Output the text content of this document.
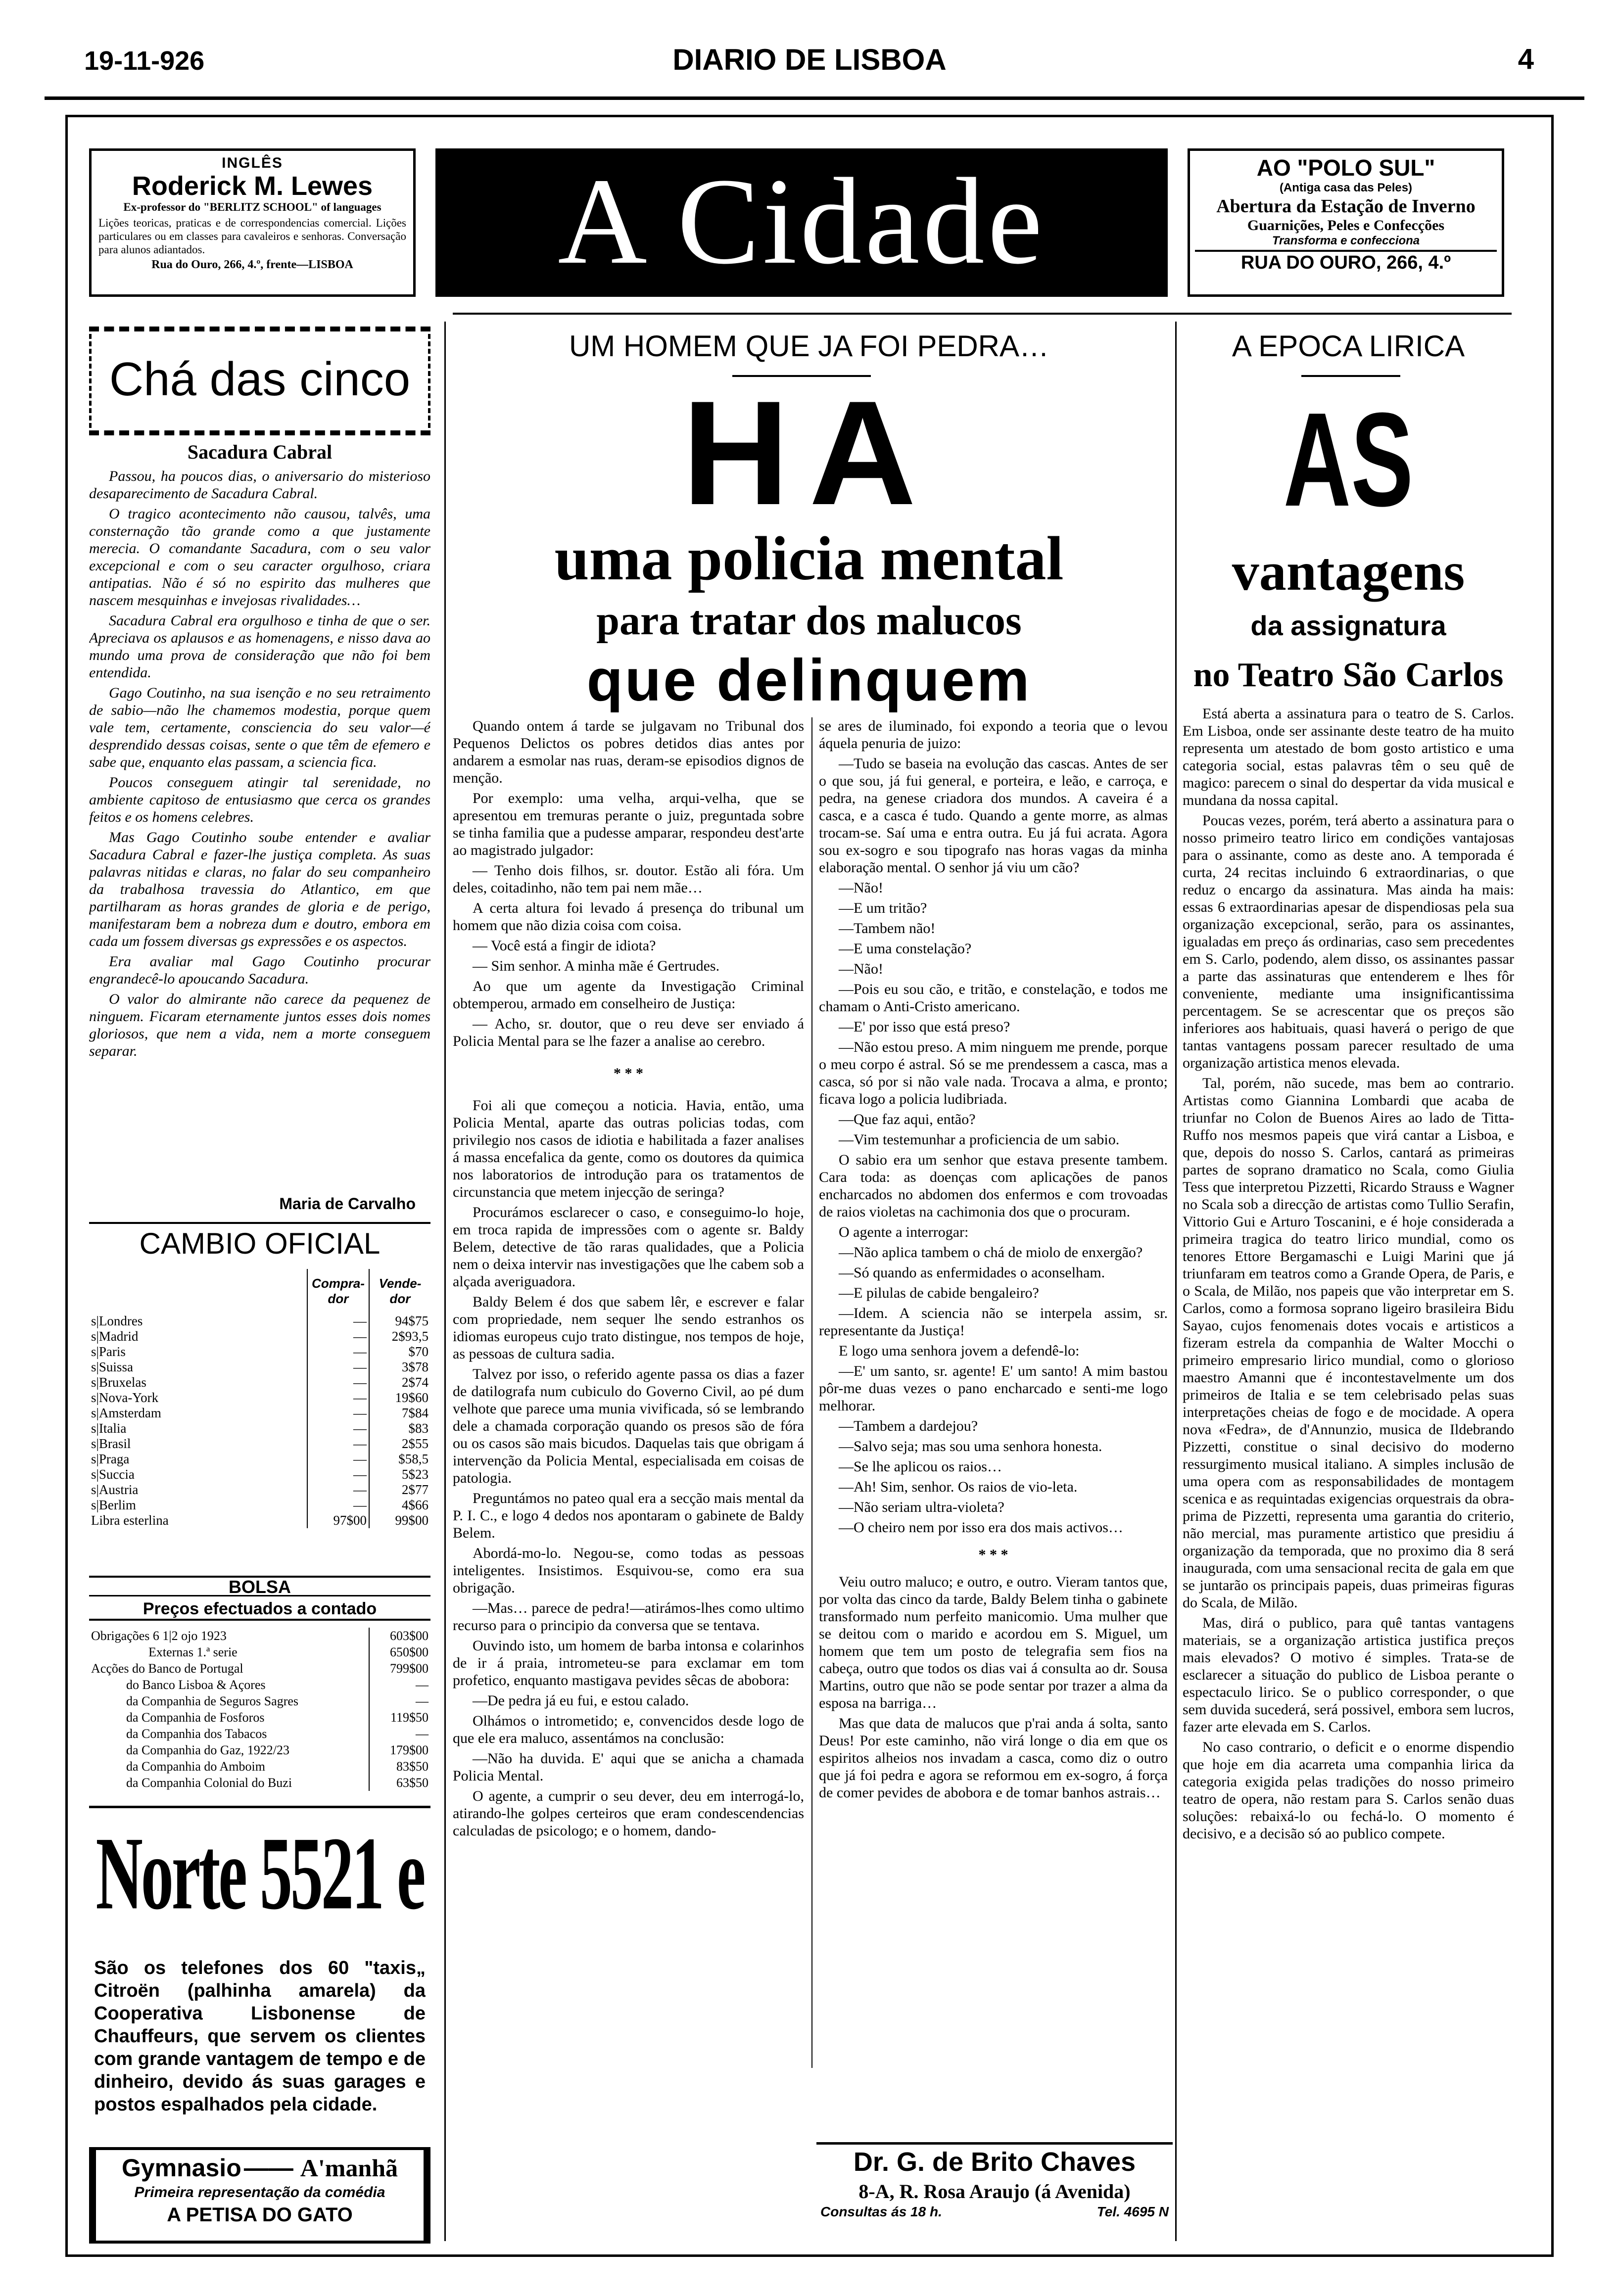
19-11-926	DIARIO DE LISBOA	4
INGLÊS
Roderick M. Lewes
Ex-professor do "BERLITZ SCHOOL" of languages
Lições teoricas, praticas e de correspondencias comercial. Lições particulares ou em classes para cavaleiros e senhoras. Conversação para alunos adiantados.
Rua do Ouro, 266, 4.º, frente—LISBOA	A Cidade	AO "POLO SUL"
(Antiga casa das Peles)
Abertura da Estação de Inverno
Guarnições, Peles e Confecções
Transforma e confecciona
RUA DO OURO, 266, 4.º
Chá das cinco
Sacadura Cabral

Passou, ha poucos dias, o aniversario do misterioso desaparecimento de Sacadura Cabral.

O tragico acontecimento não causou, talvês, uma consternação tão grande como a que justamente merecia. O comandante Sacadura, com o seu valor excepcional e com o seu caracter orgulhoso, criara antipatias. Não é só no espirito das mulheres que nascem mesquinhas e invejosas rivalidades…

Sacadura Cabral era orgulhoso e tinha de que o ser. Apreciava os aplausos e as homenagens, e nisso dava ao mundo uma prova de consideração que não foi bem entendida.

Gago Coutinho, na sua isenção e no seu retraimento de sabio—não lhe chamemos modestia, porque quem vale tem, certamente, consciencia do seu valor—é desprendido dessas coisas, sente o que têm de efemero e sabe que, enquanto elas passam, a sciencia fica.

Poucos conseguem atingir tal serenidade, no ambiente capitoso de entusiasmo que cerca os grandes feitos e os homens celebres.

Mas Gago Coutinho soube entender e avaliar Sacadura Cabral e fazer-lhe justiça completa. As suas palavras nitidas e claras, no falar do seu companheiro da trabalhosa travessia do Atlantico, em que partilharam as horas grandes de gloria e de perigo, manifestaram bem a nobreza dum e doutro, embora em cada um fossem diversas gs expressões e os aspectos.

Era avaliar mal Gago Coutinho procurar engrandecê-lo apoucando Sacadura.

O valor do almirante não carece da pequenez de ninguem. Ficaram eternamente juntos esses dois nomes gloriosos, que nem a vida, nem a morte conseguem separar.

Maria de Carvalho
CAMBIO OFICIAL
	Compra-dor	Vende-dor
s|Londres	—	94$75
s|Madrid	—	2$93,5
s|Paris	—	$70
s|Suissa	—	3$78
s|Bruxelas	—	2$74
s|Nova-York	—	19$60
s|Amsterdam	—	7$84
s|Italia	—	$83
s|Brasil	—	2$55
s|Praga	—	$58,5
s|Succia	—	5$23
s|Austria	—	2$77
s|Berlim	—	4$66
Libra esterlina	97$00	99$00
BOLSA
Preços efectuados a contado
Obrigações 6 1|2 ojo 1923	603$00
Externas 1.ª serie	650$00
Acções do Banco de Portugal	799$00
do Banco Lisboa & Açores	—
da Companhia de Seguros Sagres	—
da Companhia de Fosforos	119$50
da Companhia dos Tabacos	—
da Companhia do Gaz, 1922/23	179$00
da Companhia do Amboim	83$50
da Companhia Colonial do Buzi	63$50
Norte 5521 e
São os telefones dos 60 "taxis„ Citroën (palhinha amarela) da Cooperativa Lisbonense de Chauffeurs, que servem os clientes com grande vantagem de tempo e de dinheiro, devido ás suas garages e postos espalhados pela cidade.
Gymnasio —— A'manhã
Primeira representação da comédia
A PETISA DO GATO
UM HOMEM QUE JA FOI PEDRA…
HA
uma policia mental
para tratar dos malucos
que delinquem

Quando ontem á tarde se julgavam no Tribunal dos Pequenos Delictos os pobres detidos dias antes por andarem a esmolar nas ruas, deram-se episodios dignos de menção.

Por exemplo: uma velha, arqui-velha, que se apresentou em tremuras perante o juiz, preguntada sobre se tinha familia que a pudesse amparar, respondeu dest'arte ao magistrado julgador:

— Tenho dois filhos, sr. doutor. Estão ali fóra. Um deles, coitadinho, não tem pai nem mãe…

A certa altura foi levado á presença do tribunal um homem que não dizia coisa com coisa.

— Você está a fingir de idiota?

— Sim senhor. A minha mãe é Gertrudes.

Ao que um agente da Investigação Criminal obtemperou, armado em conselheiro de Justiça:

— Acho, sr. doutor, que o reu deve ser enviado á Policia Mental para se lhe fazer a analise ao cerebro.

* * *

Foi ali que começou a noticia. Havia, então, uma Policia Mental, aparte das outras policias todas, com privilegio nos casos de idiotia e habilitada a fazer analises á massa encefalica da gente, como os doutores da quimica nos laboratorios de introdução para os tratamentos de circunstancia que metem injecção de seringa?

Procurámos esclarecer o caso, e conseguimo-lo hoje, em troca rapida de impressões com o agente sr. Baldy Belem, detective de tão raras qualidades, que a Policia nem o deixa intervir nas investigações que lhe cabem sob a alçada averiguadora.

Baldy Belem é dos que sabem lêr, e escrever e falar com propriedade, nem sequer lhe sendo estranhos os idiomas europeus cujo trato distingue, nos tempos de hoje, as pessoas de cultura sadia.

Talvez por isso, o referido agente passa os dias a fazer de datilografa num cubiculo do Governo Civil, ao pé dum velhote que parece uma munia vivificada, só se lembrando dele a chamada corporação quando os presos são de fóra ou os casos são mais bicudos. Daquelas tais que obrigam á intervenção da Policia Mental, especialisada em coisas de patologia.

Preguntámos no pateo qual era a secção mais mental da P. I. C., e logo 4 dedos nos apontaram o gabinete de Baldy Belem.

Abordá-mo-lo. Negou-se, como todas as pessoas inteligentes. Insistimos. Esquivou-se, como era sua obrigação.

—Mas… parece de pedra!—atirámos-lhes como ultimo recurso para o principio da conversa que se tentava.

Ouvindo isto, um homem de barba intonsa e colarinhos de ir á praia, intrometeu-se para exclamar em tom profetico, enquanto mastigava pevides sêcas de abobora:

—De pedra já eu fui, e estou calado.

Olhámos o intrometido; e, convencidos desde logo de que ele era maluco, assentámos na conclusão:

—Não ha duvida. E' aqui que se anicha a chamada Policia Mental.

O agente, a cumprir o seu dever, deu em interrogá-lo, atirando-lhe golpes certeiros que eram condescendencias calculadas de psicologo; e o homem, dando-

se ares de iluminado, foi expondo a teoria que o levou áquela penuria de juizo:

—Tudo se baseia na evolução das cascas. Antes de ser o que sou, já fui general, e porteira, e leão, e carroça, e pedra, na genese criadora dos mundos. A caveira é a casca, e a casca é tudo. Quando a gente morre, as almas trocam-se. Saí uma e entra outra. Eu já fui acrata. Agora sou ex-sogro e sou tipografo nas horas vagas da minha elaboração mental. O senhor já viu um cão?

—Não!

—E um tritão?

—Tambem não!

—E uma constelação?

—Não!

—Pois eu sou cão, e tritão, e constelação, e todos me chamam o Anti-Cristo americano.

—E' por isso que está preso?

—Não estou preso. A mim ninguem me prende, porque o meu corpo é astral. Só se me prendessem a casca, mas a casca, só por si não vale nada. Trocava a alma, e pronto; ficava logo a policia ludibriada.

—Que faz aqui, então?

—Vim testemunhar a proficiencia de um sabio.

O sabio era um senhor que estava presente tambem. Cara toda: as doenças com aplicações de panos encharcados no abdomen dos enfermos e com trovoadas de raios violetas na cachimonia dos que o procuram.

O agente a interrogar:

—Não aplica tambem o chá de miolo de enxergão?

—Só quando as enfermidades o aconselham.

—E pilulas de cabide bengaleiro?

—Idem. A sciencia não se interpela assim, sr. representante da Justiça!

E logo uma senhora jovem a defendê-lo:

—E' um santo, sr. agente! E' um santo! A mim bastou pôr-me duas vezes o pano encharcado e senti-me logo melhorar.

—Tambem a dardejou?

—Salvo seja; mas sou uma senhora honesta.

—Se lhe aplicou os raios…

—Ah! Sim, senhor. Os raios de vio-leta.

—Não seriam ultra-violeta?

—O cheiro nem por isso era dos mais activos…

* * *

Veiu outro maluco; e outro, e outro. Vieram tantos que, por volta das cinco da tarde, Baldy Belem tinha o gabinete transformado num perfeito manicomio. Uma mulher que se deitou com o marido e acordou em S. Miguel, um homem que tem um posto de telegrafia sem fios na cabeça, outro que todos os dias vai á consulta ao dr. Sousa Martins, outro que não se pode sentar por trazer a alma da esposa na barriga…

Mas que data de malucos que p'rai anda á solta, santo Deus! Por este caminho, não virá longe o dia em que os espiritos alheios nos invadam a casca, como diz o outro que já foi pedra e agora se reformou em ex-sogro, á força de comer pevides de abobora e de tomar banhos astrais…

Dr. G. de Brito Chaves
8-A, R. Rosa Araujo (á Avenida)
Consultas ás 18 h.	Tel. 4695 N
A EPOCA LIRICA
AS
vantagens
da assignatura
no Teatro São Carlos

Está aberta a assinatura para o teatro de S. Carlos. Em Lisboa, onde ser assinante deste teatro de ha muito representa um atestado de bom gosto artistico e uma categoria social, estas palavras têm o seu quê de magico: parecem o sinal do despertar da vida musical e mundana da nossa capital.

Poucas vezes, porém, terá aberto a assinatura para o nosso primeiro teatro lirico em condições vantajosas para o assinante, como as deste ano. A temporada é curta, 24 recitas incluindo 6 extraordinarias, o que reduz o encargo da assinatura. Mas ainda ha mais: essas 6 extraordinarias apesar de dispendiosas pela sua organização excepcional, serão, para os assinantes, igualadas em preço ás ordinarias, caso sem precedentes em S. Carlo, podendo, alem disso, os assinantes passar a parte das assinaturas que entenderem e lhes fôr conveniente, mediante uma insignificantissima percentagem. Se se acrescentar que os preços são inferiores aos habituais, quasi haverá o perigo de que tantas vantagens possam parecer resultado de uma organização artistica menos elevada.

Tal, porém, não sucede, mas bem ao contrario. Artistas como Giannina Lombardi que acaba de triunfar no Colon de Buenos Aires ao lado de Titta-Ruffo nos mesmos papeis que virá cantar a Lisboa, e que, depois do nosso S. Carlos, cantará as primeiras partes de soprano dramatico no Scala, como Giulia Tess que interpretou Pizzetti, Ricardo Strauss e Wagner no Scala sob a direcção de artistas como Tullio Serafin, Vittorio Gui e Arturo Toscanini, e é hoje considerada a primeira tragica do teatro lirico mundial, como os tenores Ettore Bergamaschi e Luigi Marini que já triunfaram em teatros como a Grande Opera, de Paris, e o Scala, de Milão, nos papeis que vão interpretar em S. Carlos, como a formosa soprano ligeiro brasileira Bidu Sayao, cujos fenomenais dotes vocais e artisticos a fizeram estrela da companhia de Walter Mocchi o primeiro empresario lirico mundial, como o glorioso maestro Amanni que é incontestavelmente um dos primeiros de Italia e se tem celebrisado pelas suas interpretações cheias de fogo e de mocidade. A opera nova «Fedra», de d'Annunzio, musica de Ildebrando Pizzetti, constitue o sinal decisivo do moderno ressurgimento musical italiano. A simples inclusão de uma opera com as responsabilidades de montagem scenica e as requintadas exigencias orquestrais da obra-prima de Pizzetti, representa uma garantia do criterio, não mercial, mas puramente artistico que presidiu á organização da temporada, que no proximo dia 8 será inaugurada, com uma sensacional recita de gala em que se juntarão os principais papeis, duas primeiras figuras do Scala, de Milão.

Mas, dirá o publico, para quê tantas vantagens materiais, se a organização artistica justifica preços mais elevados? O motivo é simples. Trata-se de esclarecer a situação do publico de Lisboa perante o espectaculo lirico. Se o publico corresponder, o que sem duvida sucederá, será possivel, embora sem lucros, fazer arte elevada em S. Carlos.

No caso contrario, o deficit e o enorme dispendio que hoje em dia acarreta uma companhia lirica da categoria exigida pelas tradições do nosso primeiro teatro de opera, não restam para S. Carlos senão duas soluções: rebaixá-lo ou fechá-lo. O momento é decisivo, e a decisão só ao publico compete.
